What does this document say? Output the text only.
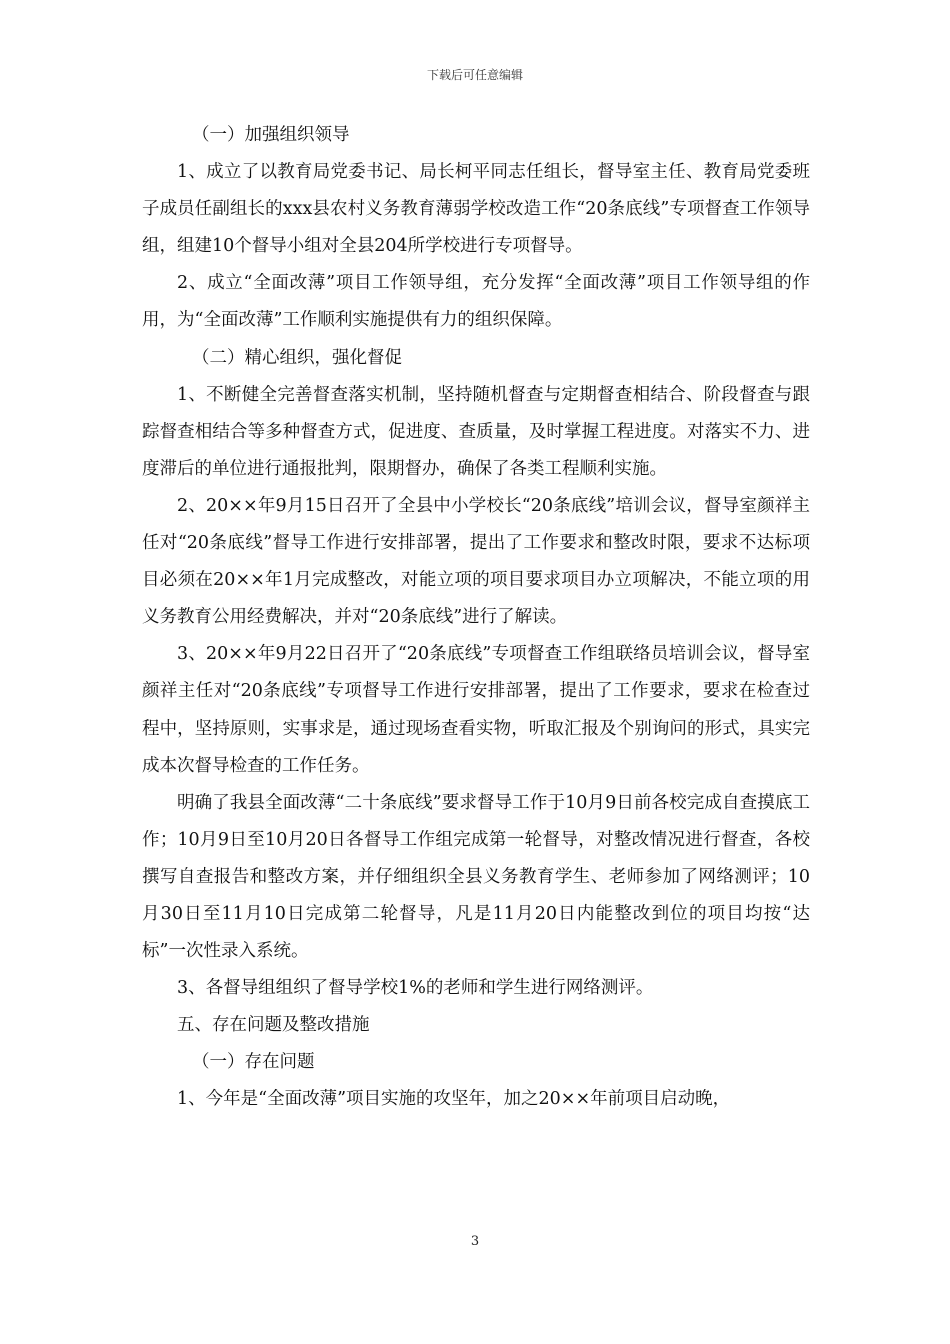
下载后可任意编辑

（一）加强组织领导

1、成立了以教育局党委书记、局长柯平同志任组长，督导室主任、教育局党委班子成员任副组长的xxx县农村义务教育薄弱学校改造工作“20条底线”专项督查工作领导组，组建10个督导小组对全县204所学校进行专项督导。

2、成立“全面改薄”项目工作领导组，充分发挥“全面改薄”项目工作领导组的作用，为“全面改薄”工作顺利实施提供有力的组织保障。

（二）精心组织，强化督促

1、不断健全完善督查落实机制，坚持随机督查与定期督查相结合、阶段督查与跟踪督查相结合等多种督查方式，促进度、查质量，及时掌握工程进度。对落实不力、进度滞后的单位进行通报批判，限期督办，确保了各类工程顺利实施。

2、20××年9月15日召开了全县中小学校长“20条底线”培训会议，督导室颜祥主任对“20条底线”督导工作进行安排部署，提出了工作要求和整改时限，要求不达标项目必须在20××年1月完成整改，对能立项的项目要求项目办立项解决，不能立项的用义务教育公用经费解决，并对“20条底线”进行了解读。

3、20××年9月22日召开了“20条底线”专项督查工作组联络员培训会议，督导室颜祥主任对“20条底线”专项督导工作进行安排部署，提出了工作要求，要求在检查过程中，坚持原则，实事求是，通过现场查看实物，听取汇报及个别询问的形式，具实完成本次督导检查的工作任务。

明确了我县全面改薄“二十条底线”要求督导工作于10月9日前各校完成自查摸底工作；10月9日至10月20日各督导工作组完成第一轮督导，对整改情况进行督查，各校撰写自查报告和整改方案，并仔细组织全县义务教育学生、老师参加了网络测评；10月30日至11月10日完成第二轮督导，凡是11月20日内能整改到位的项目均按“达标”一次性录入系统。

3、各督导组组织了督导学校1%的老师和学生进行网络测评。

五、存在问题及整改措施

（一）存在问题

1、今年是“全面改薄”项目实施的攻坚年，加之20××年前项目启动晚，

3
